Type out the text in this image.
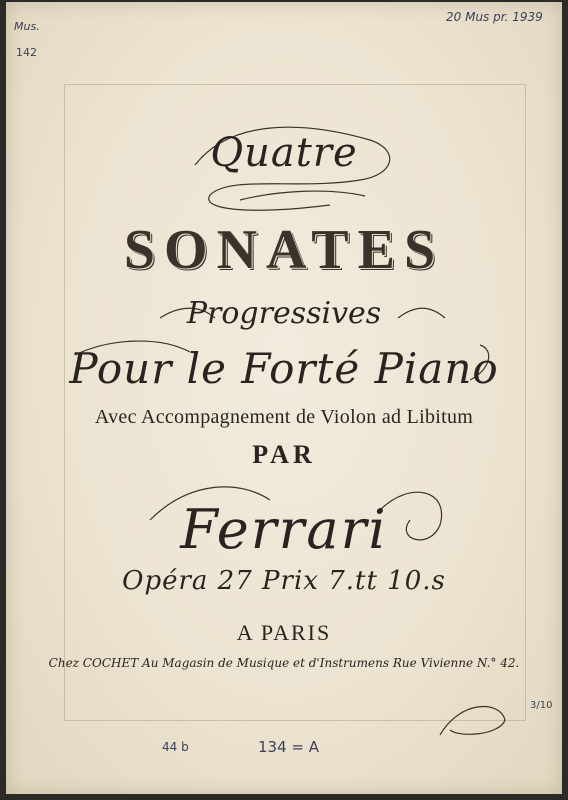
Quatre
SONATES
Progressives
Pour le Forté Piano
Avec Accompagnement de Violon ad Libitum
PAR
Ferrari
Opéra 27 Prix 7.tt 10.s
A PARIS
Chez COCHET Au Magasin de Musique et d'Instrumens Rue Vivienne N.° 42.
Mus.
142
20 Mus pr. 1939
44 b	134 = A
3/10
